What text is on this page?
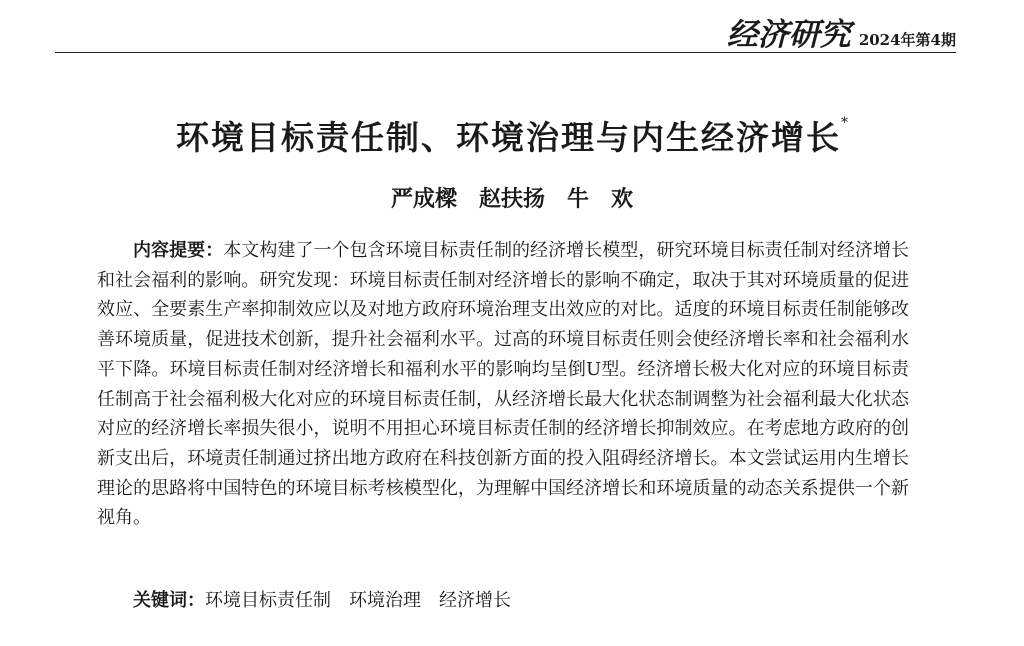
经济研究 2024年第4期
环境目标责任制、环境治理与内生经济增长*
严成樑　赵扶扬　牛　欢

内容提要：本文构建了一个包含环境目标责任制的经济增长模型，研究环境目标责任制对经济增长和社会福利的影响。研究发现：环境目标责任制对经济增长的影响不确定，取决于其对环境质量的促进效应、全要素生产率抑制效应以及对地方政府环境治理支出效应的对比。适度的环境目标责任制能够改善环境质量，促进技术创新，提升社会福利水平。过高的环境目标责任则会使经济增长率和社会福利水平下降。环境目标责任制对经济增长和福利水平的影响均呈倒U型。经济增长极大化对应的环境目标责任制高于社会福利极大化对应的环境目标责任制，从经济增长最大化状态制调整为社会福利最大化状态对应的经济增长率损失很小，说明不用担心环境目标责任制的经济增长抑制效应。在考虑地方政府的创新支出后，环境责任制通过挤出地方政府在科技创新方面的投入阻碍经济增长。本文尝试运用内生增长理论的思路将中国特色的环境目标考核模型化，为理解中国经济增长和环境质量的动态关系提供一个新视角。

关键词：环境目标责任制　环境治理　经济增长
